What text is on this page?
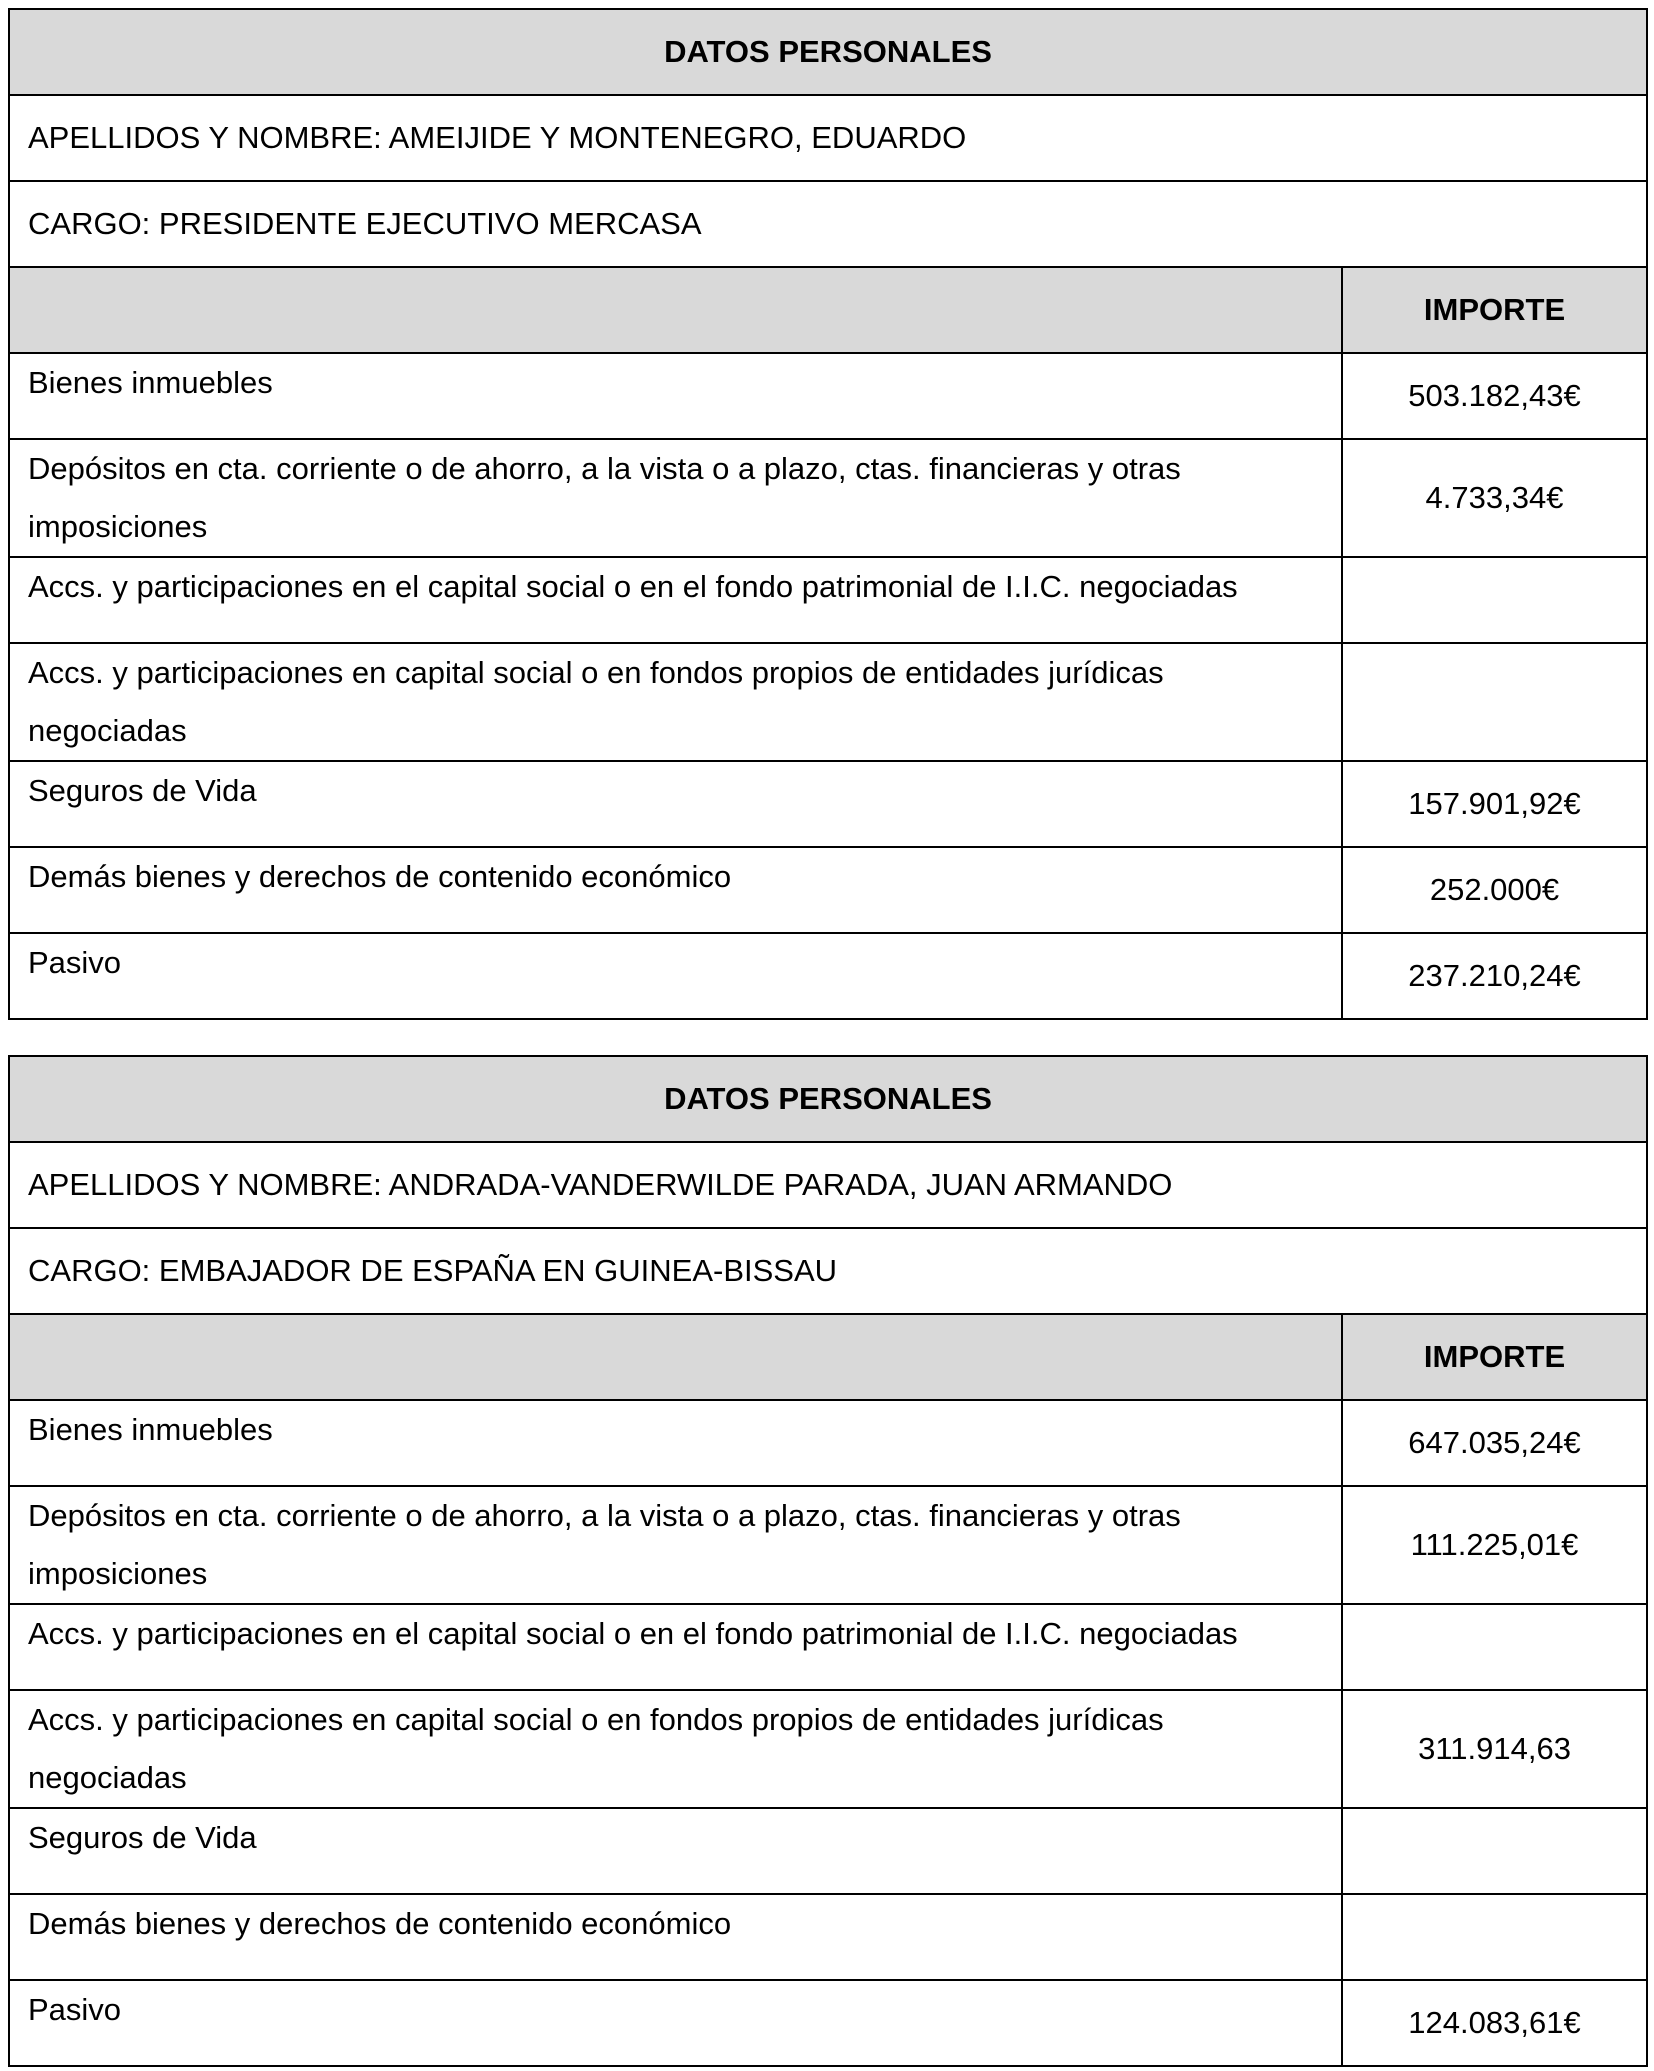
DATOS PERSONALES	
APELLIDOS Y NOMBRE: AMEIJIDE Y MONTENEGRO, EDUARDO	
CARGO: PRESIDENTE EJECUTIVO MERCASA	
	IMPORTE
Bienes inmuebles	503.182,43€
Depósitos en cta. corriente o de ahorro, a la vista o a plazo, ctas. financieras y otras imposiciones	4.733,34€
Accs. y participaciones en el capital social o en el fondo patrimonial de I.I.C. negociadas	
Accs. y participaciones en capital social o en fondos propios de entidades jurídicas negociadas	
Seguros de Vida	157.901,92€
Demás bienes y derechos de contenido económico	252.000€
Pasivo	237.210,24€
DATOS PERSONALES	
APELLIDOS Y NOMBRE: ANDRADA-VANDERWILDE PARADA, JUAN ARMANDO	
CARGO: EMBAJADOR DE ESPAÑA EN GUINEA-BISSAU	
	IMPORTE
Bienes inmuebles	647.035,24€
Depósitos en cta. corriente o de ahorro, a la vista o a plazo, ctas. financieras y otras imposiciones	111.225,01€
Accs. y participaciones en el capital social o en el fondo patrimonial de I.I.C. negociadas	
Accs. y participaciones en capital social o en fondos propios de entidades jurídicas negociadas	311.914,63
Seguros de Vida	
Demás bienes y derechos de contenido económico	
Pasivo	124.083,61€
